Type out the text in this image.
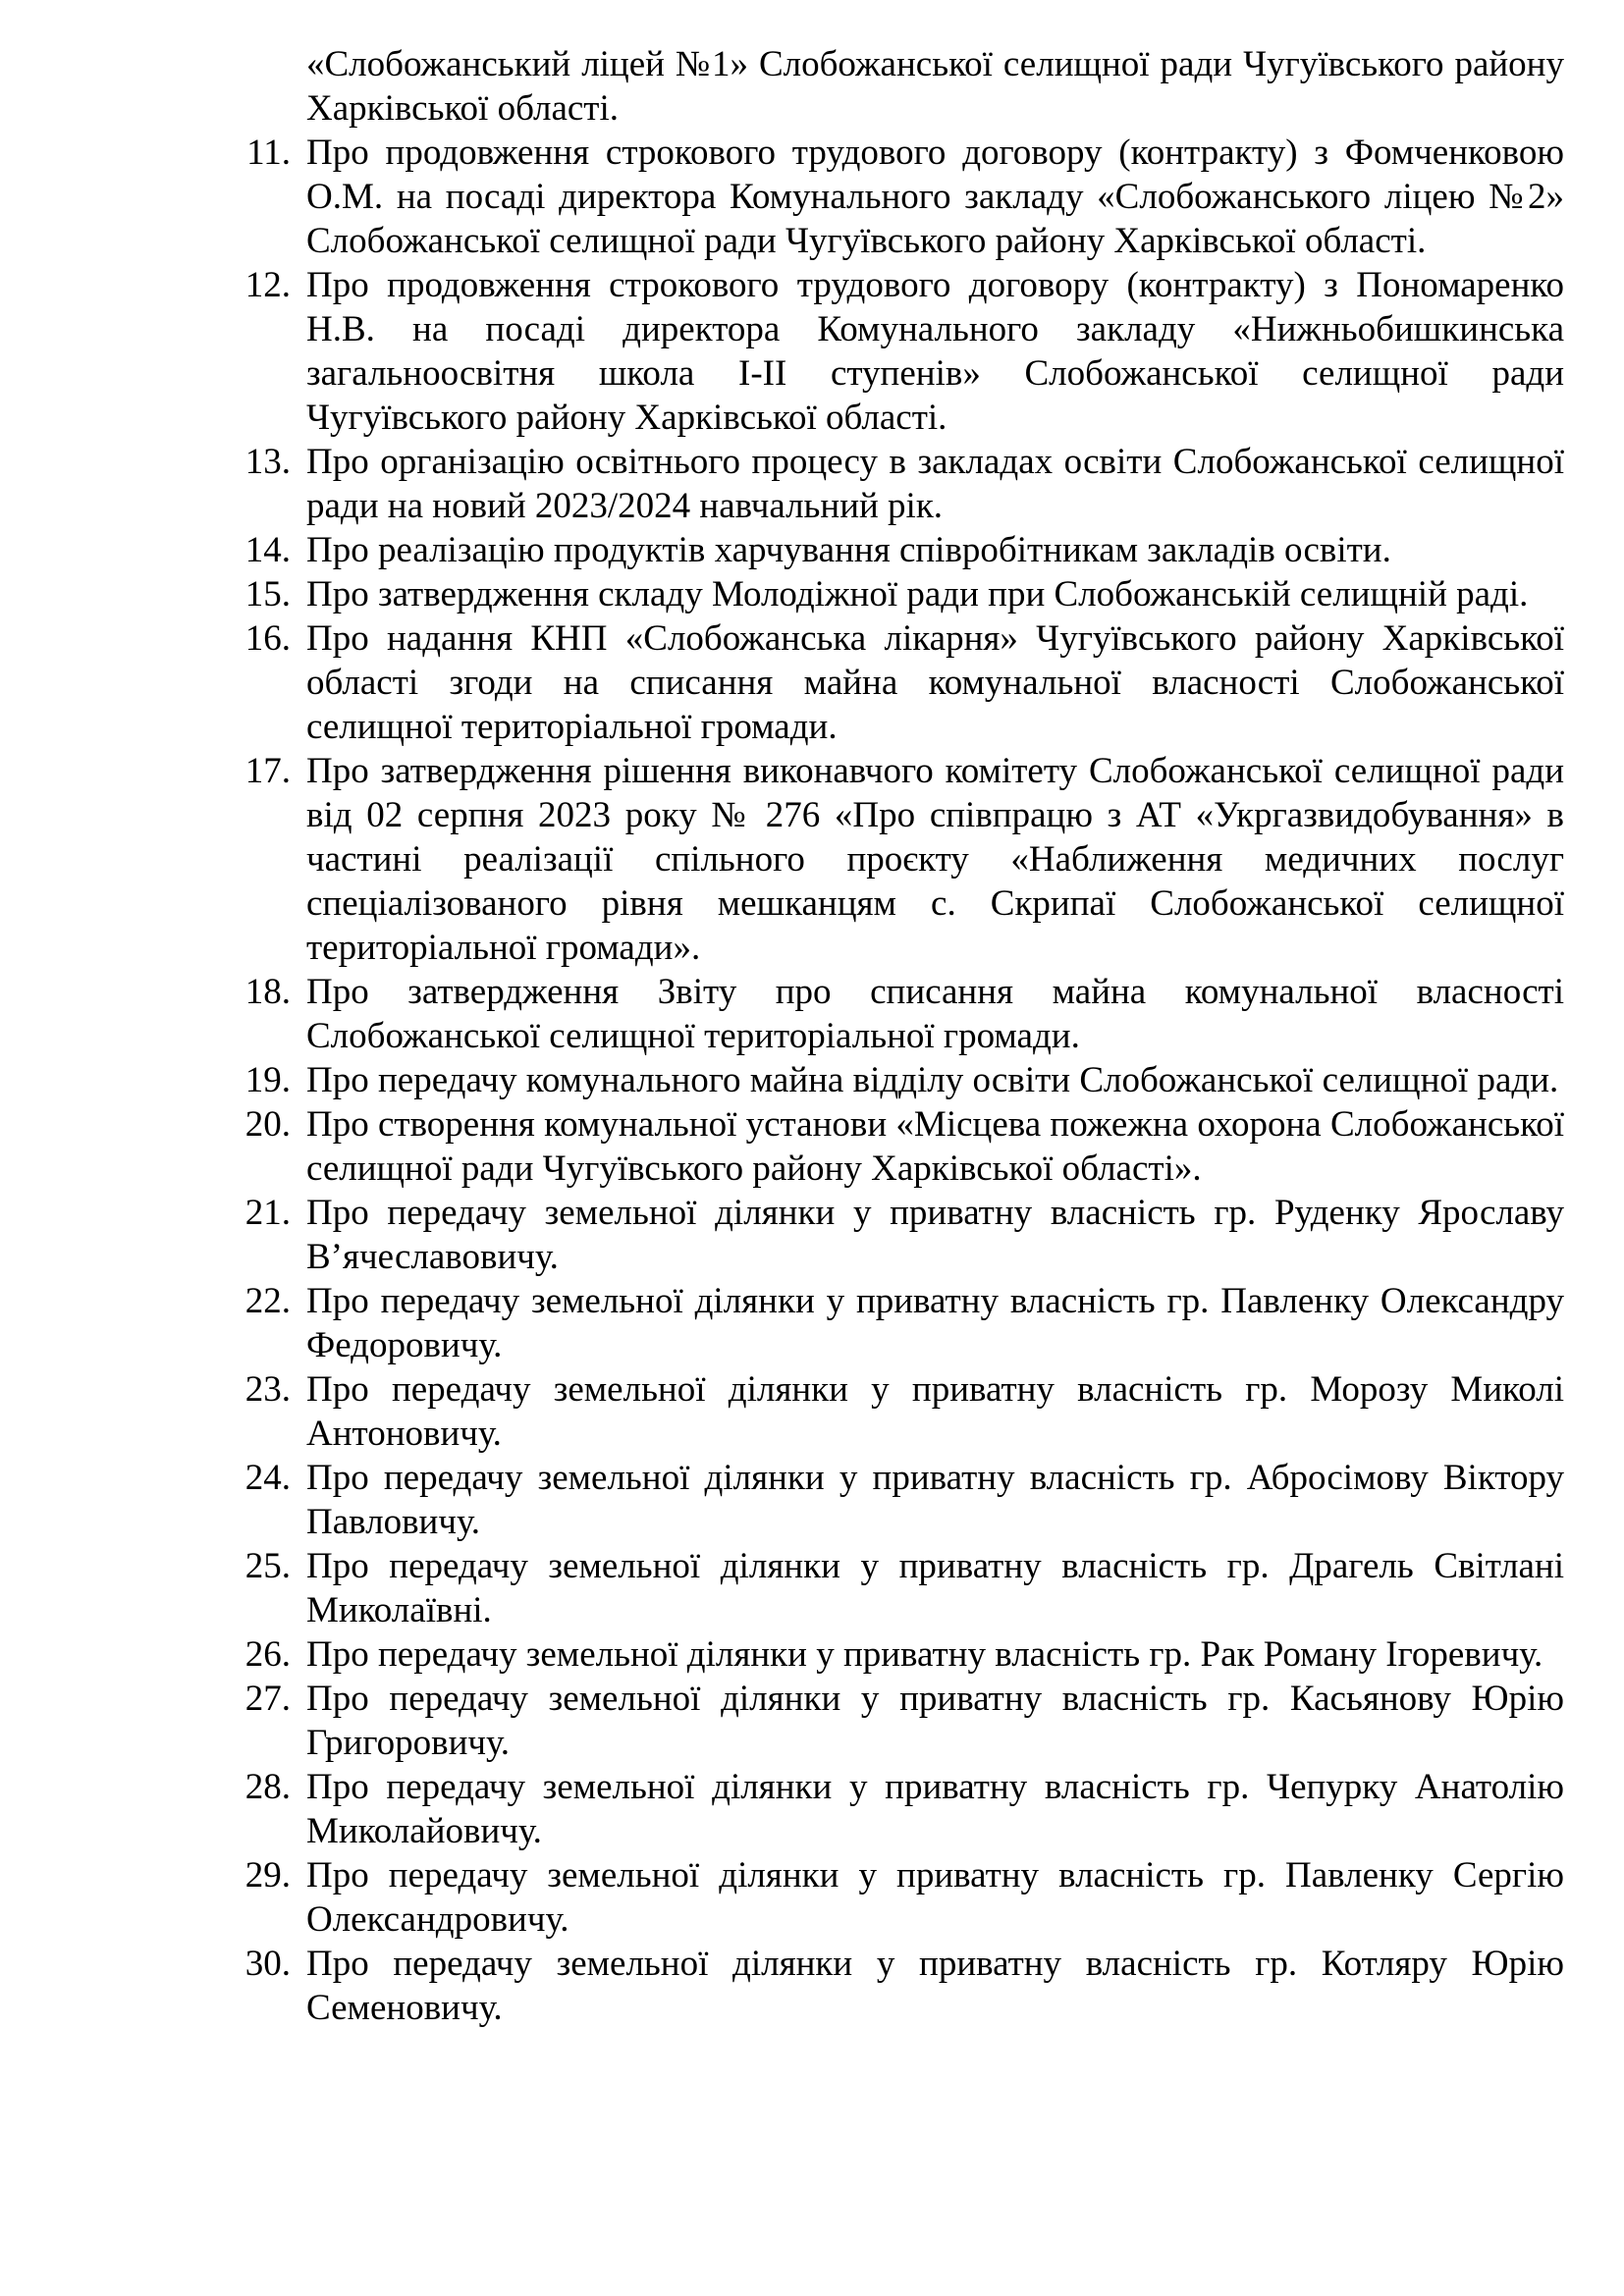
«Слобожанський ліцей №1» Слобожанської селищної ради Чугуївського району Харківської області.
11. Про продовження строкового трудового договору (контракту) з Фомченковою О.М. на посаді директора Комунального закладу «Слобожанського ліцею №2» Слобожанської селищної ради Чугуївського району Харківської області.
12. Про продовження строкового трудового договору (контракту) з Пономаренко Н.В. на посаді директора Комунального закладу «Нижньобишкинська загальноосвітня школа І-ІІ ступенів» Слобожанської селищної ради Чугуївського району Харківської області.
13. Про організацію освітнього процесу в закладах освіти Слобожанської селищної ради на новий 2023/2024 навчальний рік.
14. Про реалізацію продуктів харчування співробітникам закладів освіти.
15. Про затвердження складу Молодіжної ради при Слобожанській селищній раді.
16. Про надання КНП «Слобожанська лікарня» Чугуївського району Харківської області згоди на списання майна комунальної власності Слобожанської селищної територіальної громади.
17. Про затвердження рішення виконавчого комітету Слобожанської селищної ради від 02 серпня 2023 року № 276 «Про співпрацю з АТ «Укргазвидобування» в частині реалізації спільного проєкту «Наближення медичних послуг спеціалізованого рівня мешканцям с. Скрипаї Слобожанської селищної територіальної громади».
18. Про затвердження Звіту про списання майна комунальної власності Слобожанської селищної територіальної громади.
19. Про передачу комунального майна відділу освіти Слобожанської селищної ради.
20. Про створення комунальної установи «Місцева пожежна охорона Слобожанської селищної ради Чугуївського району Харківської області».
21. Про передачу земельної ділянки у приватну власність гр. Руденку Ярославу В’ячеславовичу.
22. Про передачу земельної ділянки у приватну власність гр. Павленку Олександру Федоровичу.
23. Про передачу земельної ділянки у приватну власність гр. Морозу Миколі Антоновичу.
24. Про передачу земельної ділянки у приватну власність гр. Абросімову Віктору Павловичу.
25. Про передачу земельної ділянки у приватну власність гр. Драгель Світлані Миколаївні.
26. Про передачу земельної ділянки у приватну власність гр. Рак Роману Ігоревичу.
27. Про передачу земельної ділянки у приватну власність гр. Касьянову Юрію Григоровичу.
28. Про передачу земельної ділянки у приватну власність гр. Чепурку Анатолію Миколайовичу.
29. Про передачу земельної ділянки у приватну власність гр. Павленку Сергію Олександровичу.
30. Про передачу земельної ділянки у приватну власність гр. Котляру Юрію Семеновичу.
